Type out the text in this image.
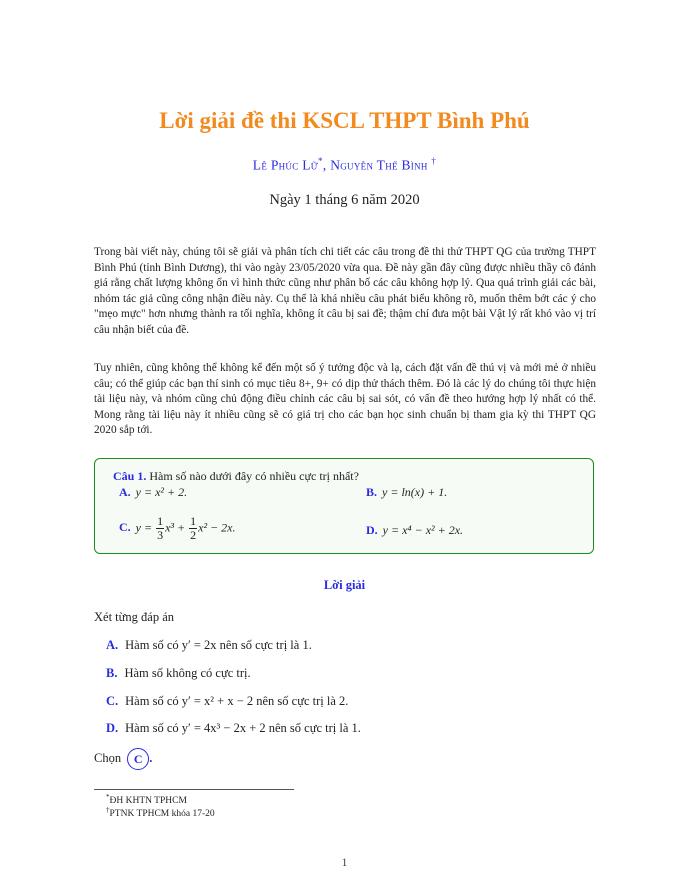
Lời giải đề thi KSCL THPT Bình Phú
Lê Phúc Lữ*, Nguyễn Thế Bình †
Ngày 1 tháng 6 năm 2020
Trong bài viết này, chúng tôi sẽ giải và phân tích chi tiết các câu trong đề thi thử THPT QG của trường THPT Bình Phú (tỉnh Bình Dương), thi vào ngày 23/05/2020 vừa qua. Đề này gần đây cũng được nhiều thầy cô đánh giá rằng chất lượng không ổn vì hình thức cũng như phân bố các câu không hợp lý. Qua quá trình giải các bài, nhóm tác giả cũng công nhận điều này. Cụ thể là khá nhiều câu phát biểu không rõ, muốn thêm bớt các ý cho "mẹo mực" hơn nhưng thành ra tối nghĩa, không ít câu bị sai đề; thậm chí đưa một bài Vật lý rất khó vào vị trí câu nhận biết của đề.
Tuy nhiên, cũng không thể không kể đến một số ý tưởng độc và lạ, cách đặt vấn đề thú vị và mới mẻ ở nhiều câu; có thể giúp các bạn thí sinh có mục tiêu 8+, 9+ có dịp thử thách thêm. Đó là các lý do chúng tôi thực hiện tài liệu này, và nhóm cũng chủ động điều chỉnh các câu bị sai sót, có vấn đề theo hướng hợp lý nhất có thể. Mong rằng tài liệu này ít nhiều cũng sẽ có giá trị cho các bạn học sinh chuẩn bị tham gia kỳ thi THPT QG 2020 sắp tới.
Câu 1. Hàm số nào dưới đây có nhiều cực trị nhất?
A. y = x² + 2.	B. y = ln(x) + 1.
C. $y = \frac{1}{3} x^3 + \frac{1}{2} x^2 - 2x$.	D. y = x⁴ − x² + 2x.
Lời giải
Xét từng đáp án
A. Hàm số có y′ = 2x nên số cực trị là 1.
B. Hàm số không có cực trị.
C. Hàm số có y′ = x² + x − 2 nên số cực trị là 2.
D. Hàm số có y′ = 4x³ − 2x + 2 nên số cực trị là 1.
Chọn C .
*ĐH KHTN TPHCM
†PTNK TPHCM khóa 17-20
1
